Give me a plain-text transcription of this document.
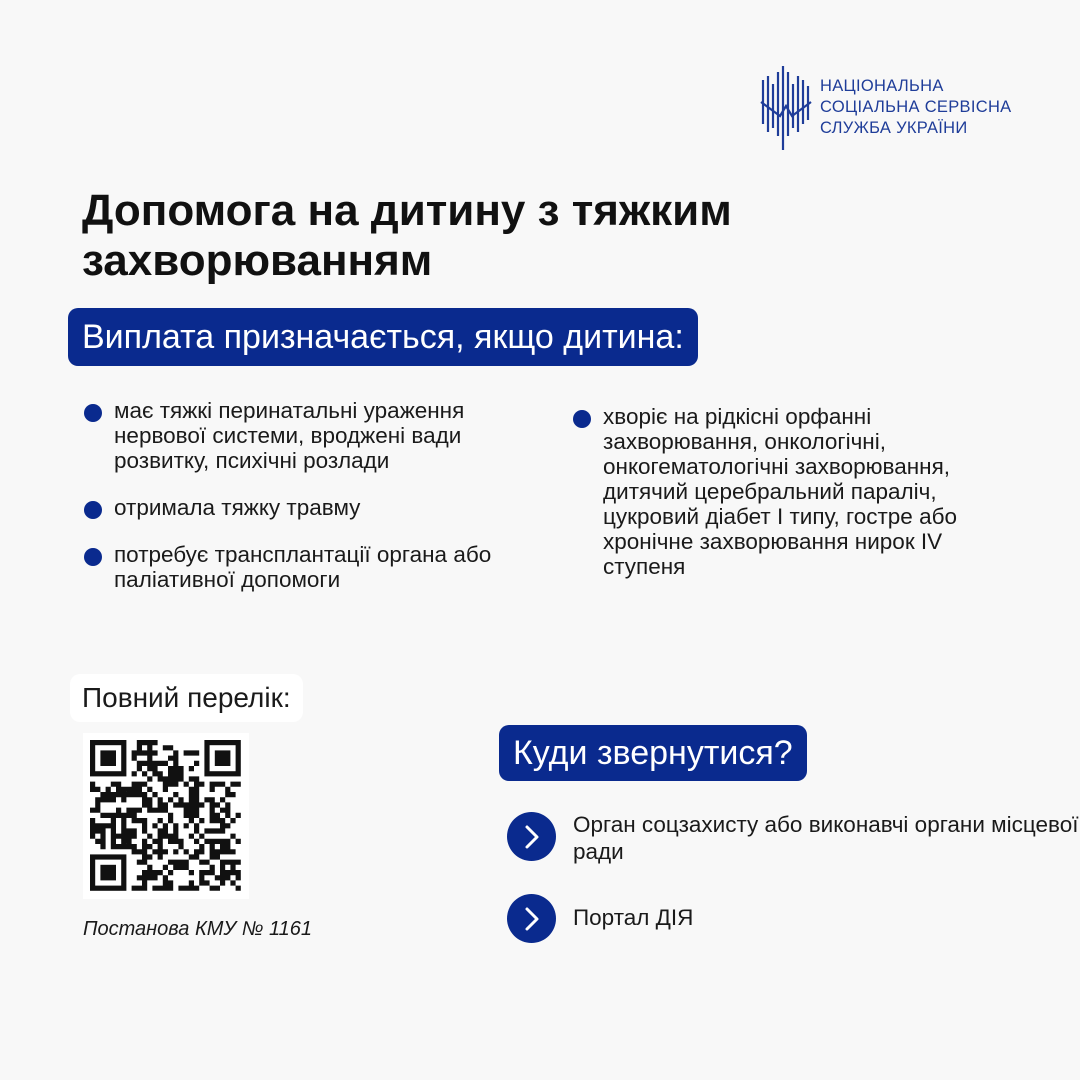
НАЦІОНАЛЬНА
СОЦІАЛЬНА СЕРВІСНА
СЛУЖБА УКРАЇНИ
Допомога на дитину з тяжким захворюванням
Виплата призначається, якщо дитина:
має тяжкі перинатальні ураження нервової системи, вроджені вади розвитку, психічні розлади
отримала тяжку травму
потребує трансплантації органа або паліативної допомоги
хворіє на рідкісні орфанні захворювання, онкологічні, онкогематологічні захворювання, дитячий церебральний параліч, цукровий діабет I типу, гостре або хронічне захворювання нирок IV ступеня
Повний перелік:
Постанова КМУ № 1161
Куди звернутися?
Орган соцзахисту або виконавчі органи місцевої ради
Портал ДІЯ
